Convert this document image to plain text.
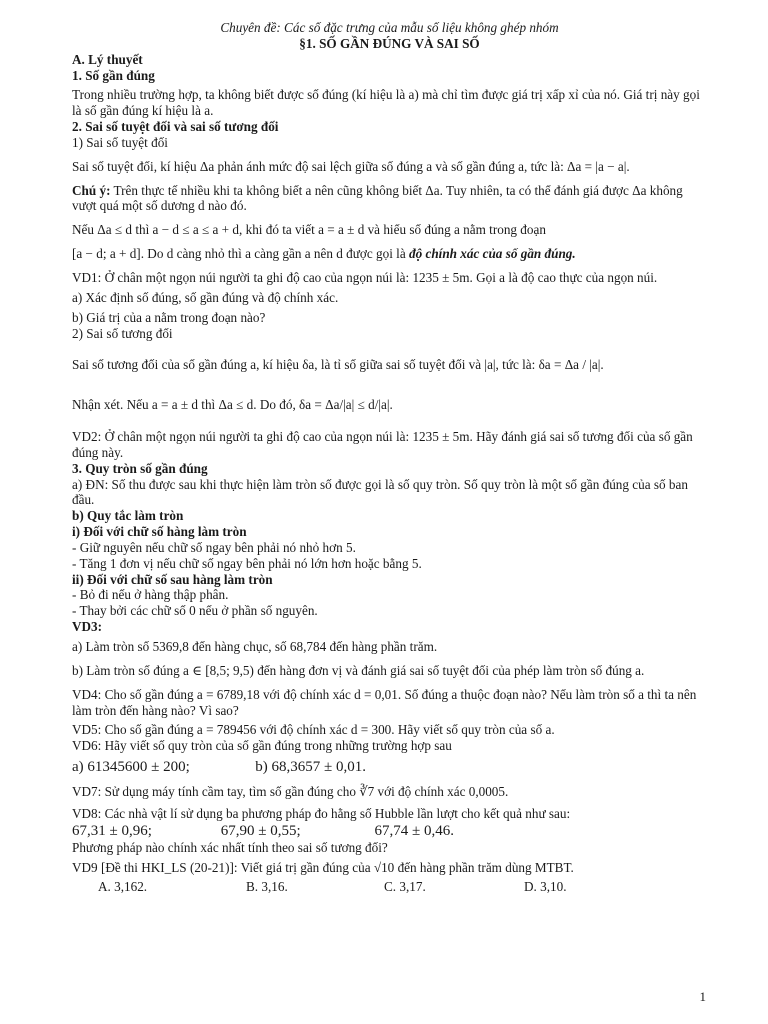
Chuyên đề: Các số đặc trưng của mẫu số liệu không ghép nhóm

§1. SỐ GẦN ĐÚNG VÀ SAI SỐ

A. Lý thuyết

1. Số gần đúng

Trong nhiều trường hợp, ta không biết được số đúng (kí hiệu là a) mà chỉ tìm được giá trị xấp xỉ của nó. Giá trị này gọi là số gần đúng kí hiệu là a.

2. Sai số tuyệt đối và sai số tương đối

1) Sai số tuyệt đối

Sai số tuyệt đối, kí hiệu Δa phản ánh mức độ sai lệch giữa số đúng a và số gần đúng a, tức là: Δa = |a − a|.

Chú ý: Trên thực tế nhiều khi ta không biết a nên cũng không biết Δa. Tuy nhiên, ta có thể đánh giá được Δa không vượt quá một số dương d nào đó.

Nếu Δa ≤ d thì a − d ≤ a ≤ a + d, khi đó ta viết a = a ± d và hiểu số đúng a nằm trong đoạn

[a − d; a + d]. Do d càng nhỏ thì a càng gần a nên d được gọi là độ chính xác của số gần đúng.

VD1: Ở chân một ngọn núi người ta ghi độ cao của ngọn núi là: 1235 ± 5m. Gọi a là độ cao thực của ngọn núi.

a) Xác định số đúng, số gần đúng và độ chính xác.

b) Giá trị của a nằm trong đoạn nào?

2) Sai số tương đối

Sai số tương đối của số gần đúng a, kí hiệu δa, là tỉ số giữa sai số tuyệt đối và |a|, tức là: δa = Δa / |a|.

Nhận xét. Nếu a = a ± d thì Δa ≤ d. Do đó, δa = Δa/|a| ≤ d/|a|.

VD2: Ở chân một ngọn núi người ta ghi độ cao của ngọn núi là: 1235 ± 5m. Hãy đánh giá sai số tương đối của số gần đúng này.

3. Quy tròn số gần đúng

a) ĐN: Số thu được sau khi thực hiện làm tròn số được gọi là số quy tròn. Số quy tròn là một số gần đúng của số ban đầu.

b) Quy tắc làm tròn

i) Đối với chữ số hàng làm tròn

- Giữ nguyên nếu chữ số ngay bên phải nó nhỏ hơn 5.

- Tăng 1 đơn vị nếu chữ số ngay bên phải nó lớn hơn hoặc bằng 5.

ii) Đối với chữ số sau hàng làm tròn

- Bỏ đi nếu ở hàng thập phân.

- Thay bởi các chữ số 0 nếu ở phần số nguyên.

VD3:

a) Làm tròn số 5369,8 đến hàng chục, số 68,784 đến hàng phần trăm.

b) Làm tròn số đúng a ∈ [8,5; 9,5) đến hàng đơn vị và đánh giá sai số tuyệt đối của phép làm tròn số đúng a.

VD4: Cho số gần đúng a = 6789,18 với độ chính xác d = 0,01. Số đúng a thuộc đoạn nào? Nếu làm tròn số a thì ta nên làm tròn đến hàng nào? Vì sao?

VD5: Cho số gần đúng a = 789456 với độ chính xác d = 300. Hãy viết số quy tròn của số a.

VD6: Hãy viết số quy tròn của số gần đúng trong những trường hợp sau

a) 61345600 ± 200;	b) 68,3657 ± 0,01.

VD7: Sử dụng máy tính cầm tay, tìm số gần đúng cho ∛7 với độ chính xác 0,0005.

VD8: Các nhà vật lí sử dụng ba phương pháp đo hằng số Hubble lần lượt cho kết quả như sau:

67,31 ± 0,96;	67,90 ± 0,55;	67,74 ± 0,46.

Phương pháp nào chính xác nhất tính theo sai số tương đối?

VD9 [Đề thi HKI_LS (20-21)]: Viết giá trị gần đúng của √10 đến hàng phần trăm dùng MTBT.

A. 3,162.	B. 3,16.	C. 3,17.	D. 3,10.
1
